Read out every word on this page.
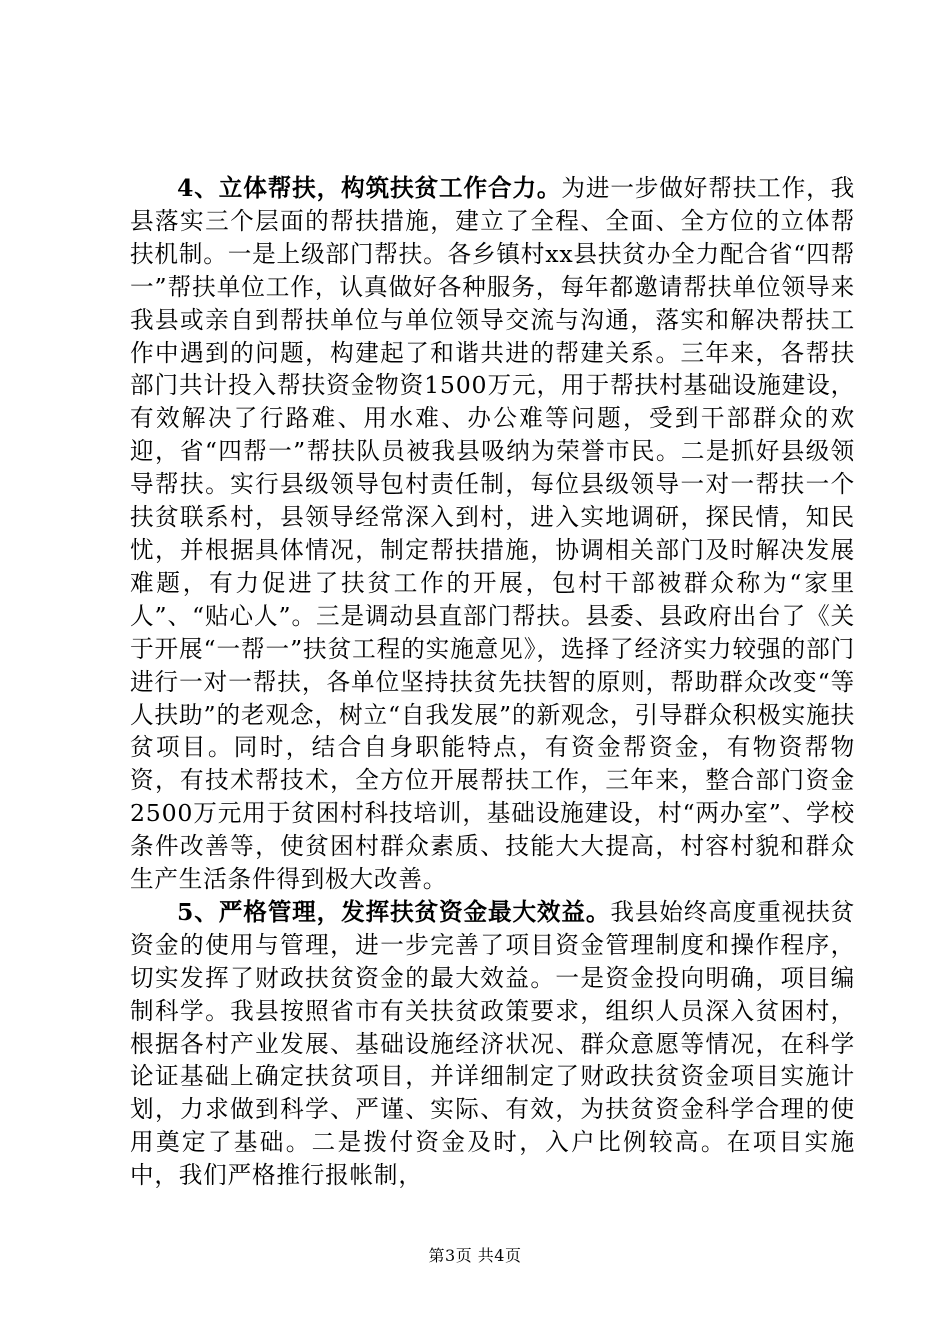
4、立体帮扶，构筑扶贫工作合力。为进一步做好帮扶工作，我县落实三个层面的帮扶措施，建立了全程、全面、全方位的立体帮扶机制。一是上级部门帮扶。各乡镇村xx县扶贫办全力配合省“四帮一”帮扶单位工作，认真做好各种服务，每年都邀请帮扶单位领导来我县或亲自到帮扶单位与单位领导交流与沟通，落实和解决帮扶工作中遇到的问题，构建起了和谐共进的帮建关系。三年来，各帮扶部门共计投入帮扶资金物资1500万元，用于帮扶村基础设施建设，有效解决了行路难、用水难、办公难等问题，受到干部群众的欢迎，省“四帮一”帮扶队员被我县吸纳为荣誉市民。二是抓好县级领导帮扶。实行县级领导包村责任制，每位县级领导一对一帮扶一个扶贫联系村，县领导经常深入到村，进入实地调研，探民情，知民忧，并根据具体情况，制定帮扶措施，协调相关部门及时解决发展难题，有力促进了扶贫工作的开展，包村干部被群众称为“家里人”、“贴心人”。三是调动县直部门帮扶。县委、县政府出台了《关于开展“一帮一”扶贫工程的实施意见》，选择了经济实力较强的部门进行一对一帮扶，各单位坚持扶贫先扶智的原则，帮助群众改变“等人扶助”的老观念，树立“自我发展”的新观念，引导群众积极实施扶贫项目。同时，结合自身职能特点，有资金帮资金，有物资帮物资，有技术帮技术，全方位开展帮扶工作，三年来，整合部门资金2500万元用于贫困村科技培训，基础设施建设，村“两办室”、学校条件改善等，使贫困村群众素质、技能大大提高，村容村貌和群众生产生活条件得到极大改善。

5、严格管理，发挥扶贫资金最大效益。我县始终高度重视扶贫资金的使用与管理，进一步完善了项目资金管理制度和操作程序，切实发挥了财政扶贫资金的最大效益。一是资金投向明确，项目编制科学。我县按照省市有关扶贫政策要求，组织人员深入贫困村，根据各村产业发展、基础设施经济状况、群众意愿等情况，在科学论证基础上确定扶贫项目，并详细制定了财政扶贫资金项目实施计划，力求做到科学、严谨、实际、有效，为扶贫资金科学合理的使用奠定了基础。二是拨付资金及时，入户比例较高。在项目实施中，我们严格推行报帐制，

第3页 共4页
